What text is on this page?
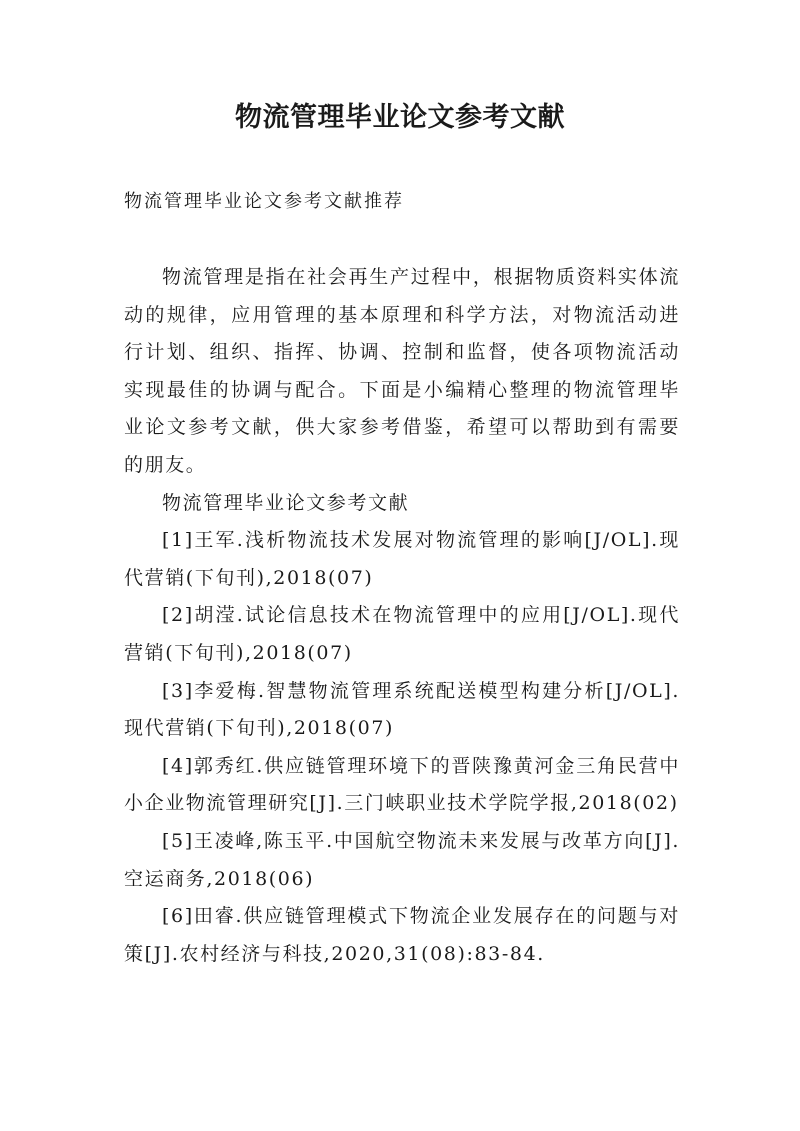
物流管理毕业论文参考文献
物流管理毕业论文参考文献推荐

物流管理是指在社会再生产过程中，根据物质资料实体流动的规律，应用管理的基本原理和科学方法，对物流活动进行计划、组织、指挥、协调、控制和监督，使各项物流活动实现最佳的协调与配合。下面是小编精心整理的物流管理毕业论文参考文献，供大家参考借鉴，希望可以帮助到有需要的朋友。

物流管理毕业论文参考文献

[1]王军.浅析物流技术发展对物流管理的影响[J/OL].现代营销(下旬刊),2018(07)

[2]胡滢.试论信息技术在物流管理中的应用[J/OL].现代营销(下旬刊),2018(07)

[3]李爱梅.智慧物流管理系统配送模型构建分析[J/OL].现代营销(下旬刊),2018(07)

[4]郭秀红.供应链管理环境下的晋陕豫黄河金三角民营中小企业物流管理研究[J].三门峡职业技术学院学报,2018(02)

[5]王凌峰,陈玉平.中国航空物流未来发展与改革方向[J].空运商务,2018(06)

[6]田睿.供应链管理模式下物流企业发展存在的问题与对策[J].农村经济与科技,2020,31(08):83-84.
